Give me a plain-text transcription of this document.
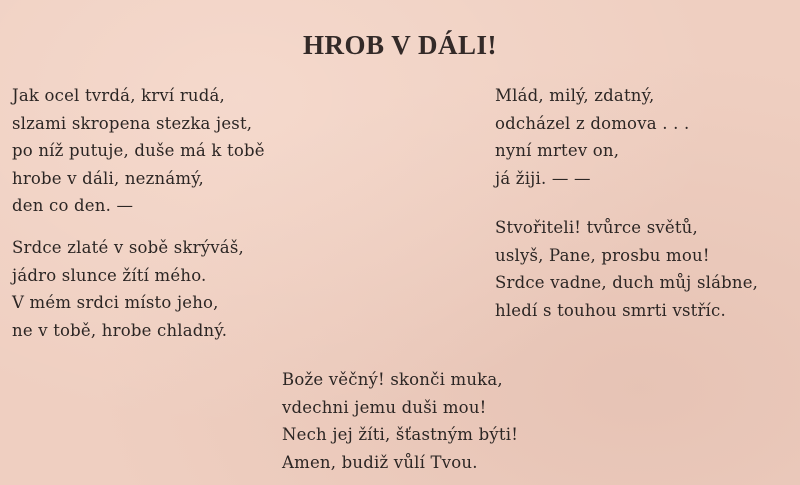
HROB V DÁLI!
Jak ocel tvrdá, krví rudá,
slzami skropena stezka jest,
po níž putuje, duše má k tobě
hrobe v dáli, neznámý,
den co den. —
Srdce zlaté v sobě skrýváš,
jádro slunce žítí mého.
V mém srdci místo jeho,
ne v tobě, hrobe chladný.
Mlád, milý, zdatný,
odcházel z domova . . .
nyní mrtev on,
já žiji. — —
Stvořiteli! tvůrce světů,
uslyš, Pane, prosbu mou!
Srdce vadne, duch můj slábne,
hledí s touhou smrti vstříc.
Bože věčný! skonči muka,
vdechni jemu duši mou!
Nech jej žíti, šťastným býti!
Amen, budiž vůlí Tvou.
